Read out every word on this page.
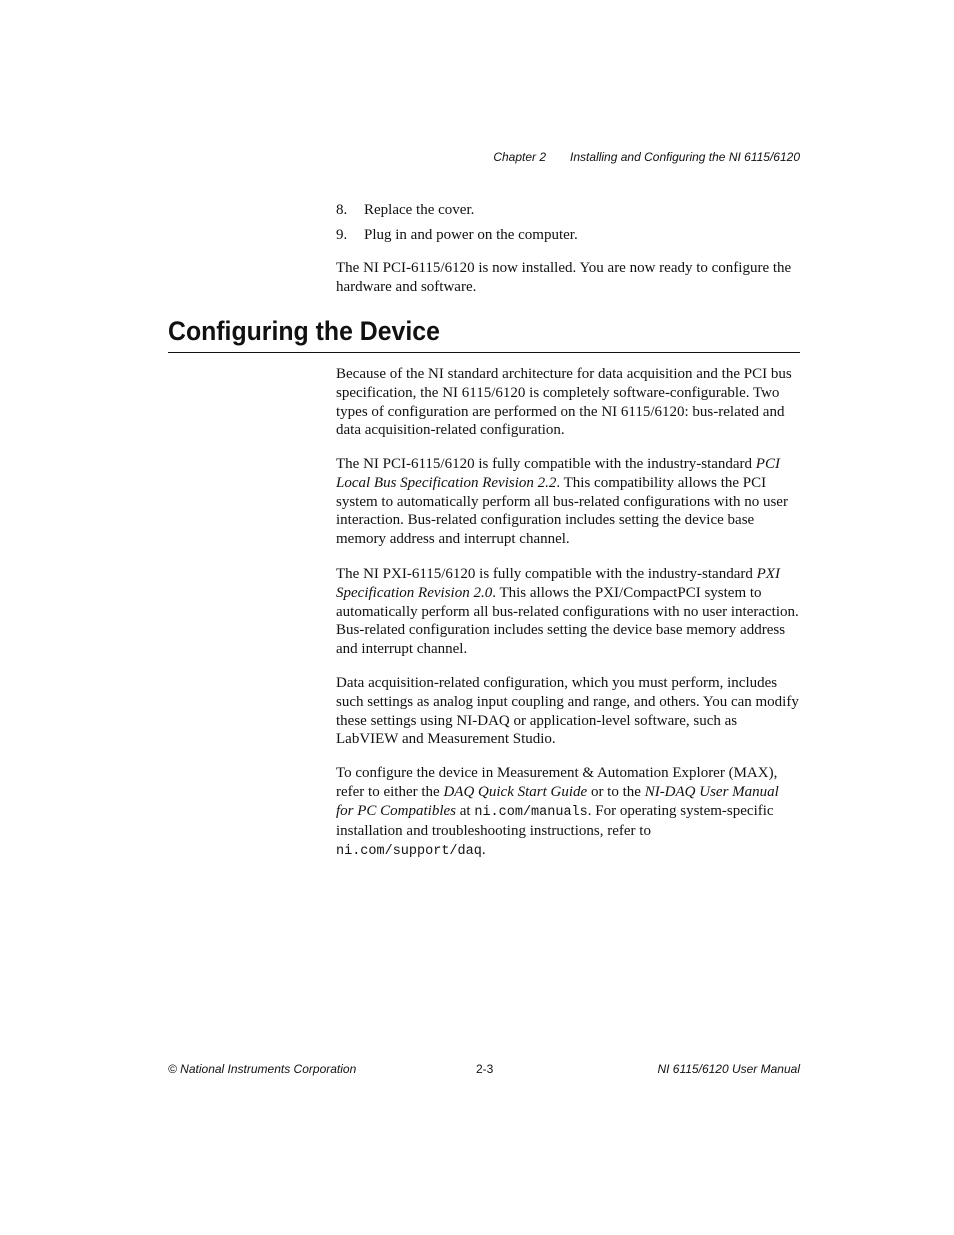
Chapter 2 Installing and Configuring the NI 6115/6120
8. Replace the cover.
9. Plug in and power on the computer.

The NI PCI-6115/6120 is now installed. You are now ready to configure the hardware and software.

Configuring the Device

Because of the NI standard architecture for data acquisition and the PCI bus specification, the NI 6115/6120 is completely software-configurable. Two types of configuration are performed on the NI 6115/6120: bus-related and data acquisition-related configuration.

The NI PCI-6115/6120 is fully compatible with the industry-standard PCI Local Bus Specification Revision 2.2. This compatibility allows the PCI system to automatically perform all bus-related configurations with no user interaction. Bus-related configuration includes setting the device base memory address and interrupt channel.

The NI PXI-6115/6120 is fully compatible with the industry-standard PXI Specification Revision 2.0. This allows the PXI/CompactPCI system to automatically perform all bus-related configurations with no user interaction. Bus-related configuration includes setting the device base memory address and interrupt channel.

Data acquisition-related configuration, which you must perform, includes such settings as analog input coupling and range, and others. You can modify these settings using NI-DAQ or application-level software, such as LabVIEW and Measurement Studio.

To configure the device in Measurement & Automation Explorer (MAX), refer to either the DAQ Quick Start Guide or to the NI-DAQ User Manual for PC Compatibles at ni.com/manuals. For operating system-specific installation and troubleshooting instructions, refer to
ni.com/support/daq.

© National Instruments Corporation	2-3	NI 6115/6120 User Manual
